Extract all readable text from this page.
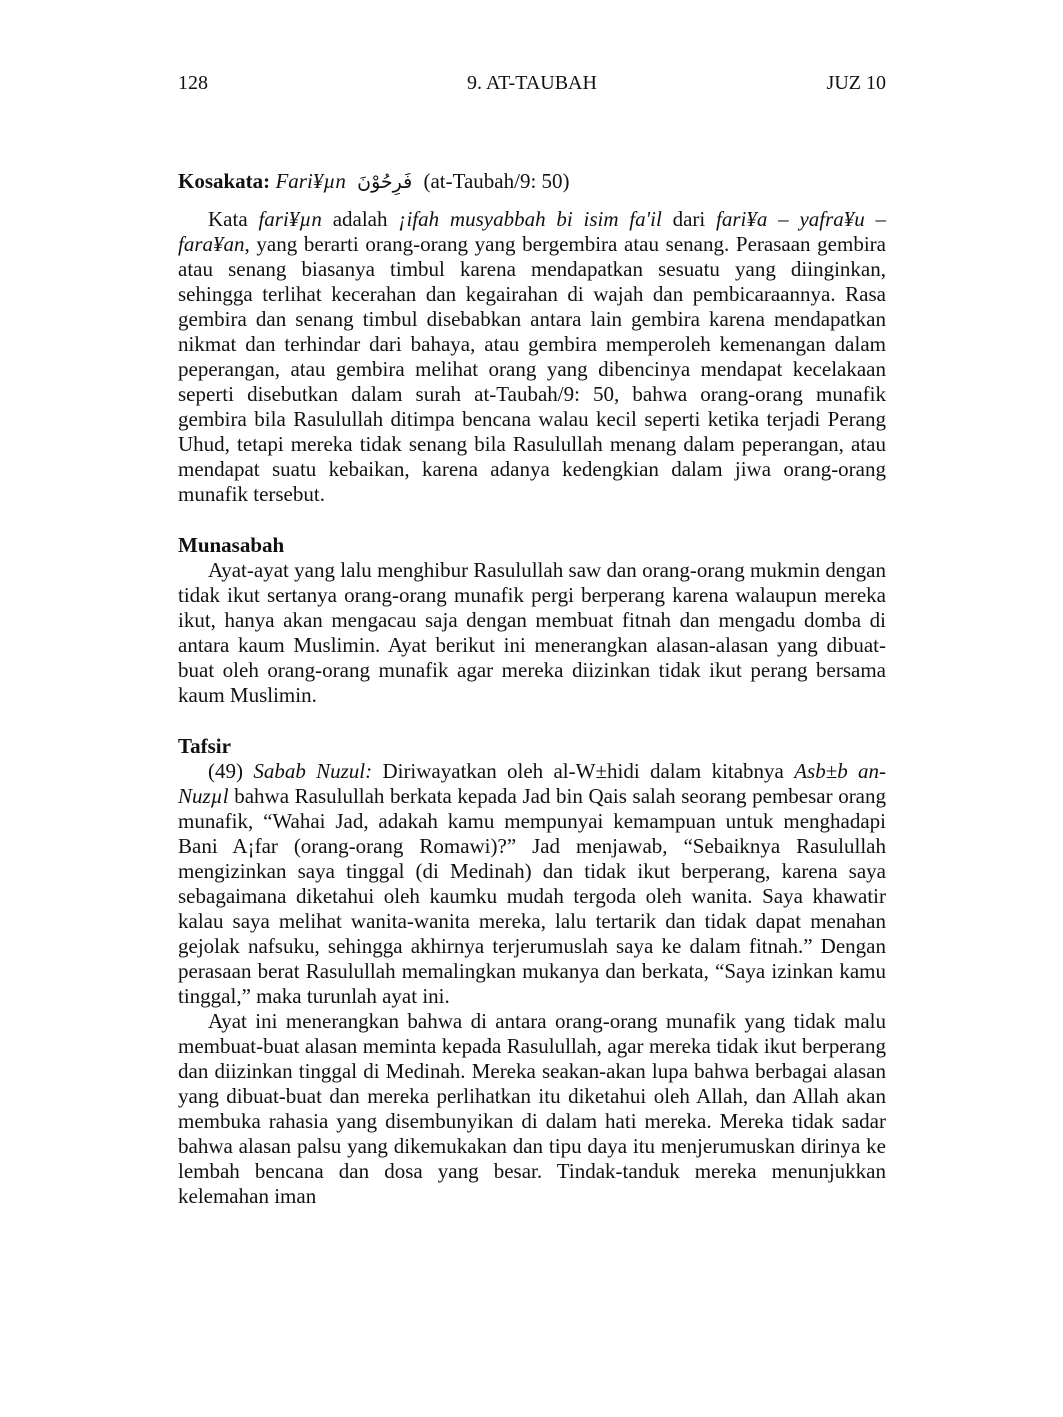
128	9. AT-TAUBAH	JUZ 10
Kosakata: Fari¥µn فَرِحُوْنَ (at-Taubah/9: 50)

Kata fari¥µn adalah ¡ifah musyabbah bi isim fa'il dari fari¥a – yafra¥u – fara¥an, yang berarti orang-orang yang bergembira atau senang. Perasaan gembira atau senang biasanya timbul karena mendapatkan sesuatu yang diinginkan, sehingga terlihat kecerahan dan kegairahan di wajah dan pembicaraannya. Rasa gembira dan senang timbul disebabkan antara lain gembira karena mendapatkan nikmat dan terhindar dari bahaya, atau gembira memperoleh kemenangan dalam peperangan, atau gembira melihat orang yang dibencinya mendapat kecelakaan seperti disebutkan dalam surah at-Taubah/9: 50, bahwa orang-orang munafik gembira bila Rasulullah ditimpa bencana walau kecil seperti ketika terjadi Perang Uhud, tetapi mereka tidak senang bila Rasulullah menang dalam peperangan, atau mendapat suatu kebaikan, karena adanya kedengkian dalam jiwa orang-orang munafik tersebut.

Munasabah

Ayat-ayat yang lalu menghibur Rasulullah saw dan orang-orang mukmin dengan tidak ikut sertanya orang-orang munafik pergi berperang karena walaupun mereka ikut, hanya akan mengacau saja dengan membuat fitnah dan mengadu domba di antara kaum Muslimin. Ayat berikut ini menerangkan alasan-alasan yang dibuat-buat oleh orang-orang munafik agar mereka diizinkan tidak ikut perang bersama kaum Muslimin.

Tafsir

(49) Sabab Nuzul: Diriwayatkan oleh al-W±hidi dalam kitabnya Asb±b an-Nuzµl bahwa Rasulullah berkata kepada Jad bin Qais salah seorang pembesar orang munafik, “Wahai Jad, adakah kamu mempunyai kemampuan untuk menghadapi Bani A¡far (orang-orang Romawi)?” Jad menjawab, “Sebaiknya Rasulullah mengizinkan saya tinggal (di Medinah) dan tidak ikut berperang, karena saya sebagaimana diketahui oleh kaumku mudah tergoda oleh wanita. Saya khawatir kalau saya melihat wanita-wanita mereka, lalu tertarik dan tidak dapat menahan gejolak nafsuku, sehingga akhirnya terjerumuslah saya ke dalam fitnah.” Dengan perasaan berat Rasulullah memalingkan mukanya dan berkata, “Saya izinkan kamu tinggal,” maka turunlah ayat ini.

Ayat ini menerangkan bahwa di antara orang-orang munafik yang tidak malu membuat-buat alasan meminta kepada Rasulullah, agar mereka tidak ikut berperang dan diizinkan tinggal di Medinah. Mereka seakan-akan lupa bahwa berbagai alasan yang dibuat-buat dan mereka perlihatkan itu diketahui oleh Allah, dan Allah akan membuka rahasia yang disembunyikan di dalam hati mereka. Mereka tidak sadar bahwa alasan palsu yang dikemukakan dan tipu daya itu menjerumuskan dirinya ke lembah bencana dan dosa yang besar. Tindak-tanduk mereka menunjukkan kelemahan iman
